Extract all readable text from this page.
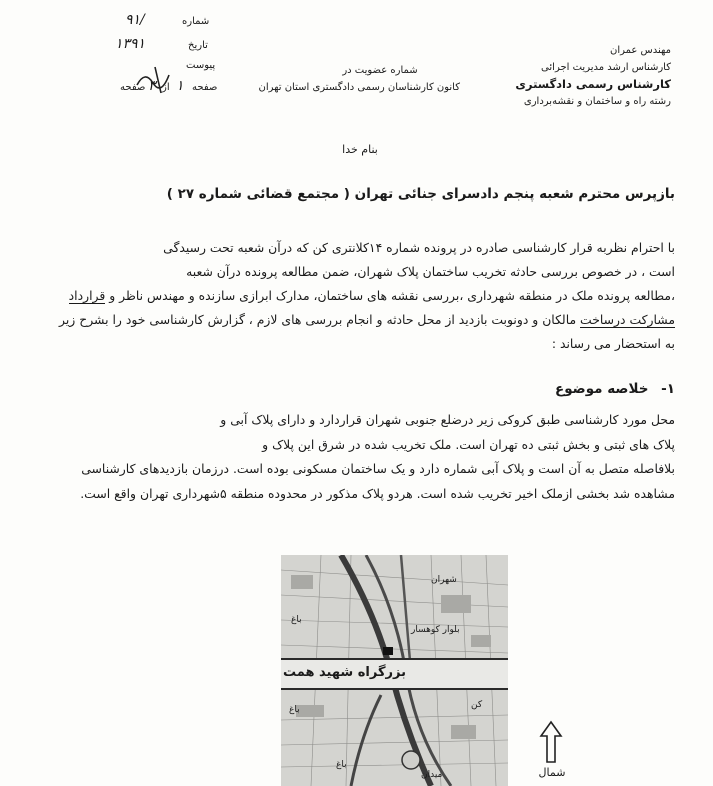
مهندس عمران
کارشناس ارشد مدیریت اجرائی
کارشناس رسمی دادگستری
رشته راه و ساختمان و نقشه‌برداری
شماره عضویت در
کانون کارشناسان رسمی دادگستری استان تهران
شماره
۹۱/
تاریخ
۱۳۹۱
پیوست
صفحه
۱
از
۳
صفحه
بنام خدا
بازپرس محترم شعبه پنجم دادسرای جنائی تهران ( مجتمع قضائی شماره ۲۷ )
با احترام نظربه قرار کارشناسی صادره در پرونده شماره ۱۴کلانتری کن که درآن شعبه تحت رسیدگی
است ، در خصوص بررسی حادثه تخریب ساختمان پلاک شهران، ضمن مطالعه پرونده درآن شعبه
،مطالعه پرونده ملک در منطقه شهرداری ،بررسی نقشه های ساختمان، مدارک ابرازی سازنده و مهندس ناظر و قرارداد
مشارکت درساخت مالکان و دونوبت بازدید از محل حادثه و انجام بررسی های لازم ، گزارش کارشناسی خود را بشرح زیر
به استحضار می رساند :
۱- خلاصه موضوع
محل مورد کارشناسی طبق کروکی زیر درضلع جنوبی شهران قراردارد و دارای پلاک آبی و
پلاک های ثبتی و بخش ثبتی ده تهران است. ملک تخریب شده در شرق این پلاک و
بلافاصله متصل به آن است و پلاک آبی شماره دارد و یک ساختمان مسکونی بوده است. درزمان بازدیدهای کارشناسی
مشاهده شد بخشی ازملک اخیر تخریب شده است. هردو پلاک مذکور در محدوده منطقه ۵شهرداری تهران واقع است.
باغ
باغ
باغ
شهران
بلوار کوهسار
کن
میدان
بزرگراه شهید همت
شمال
